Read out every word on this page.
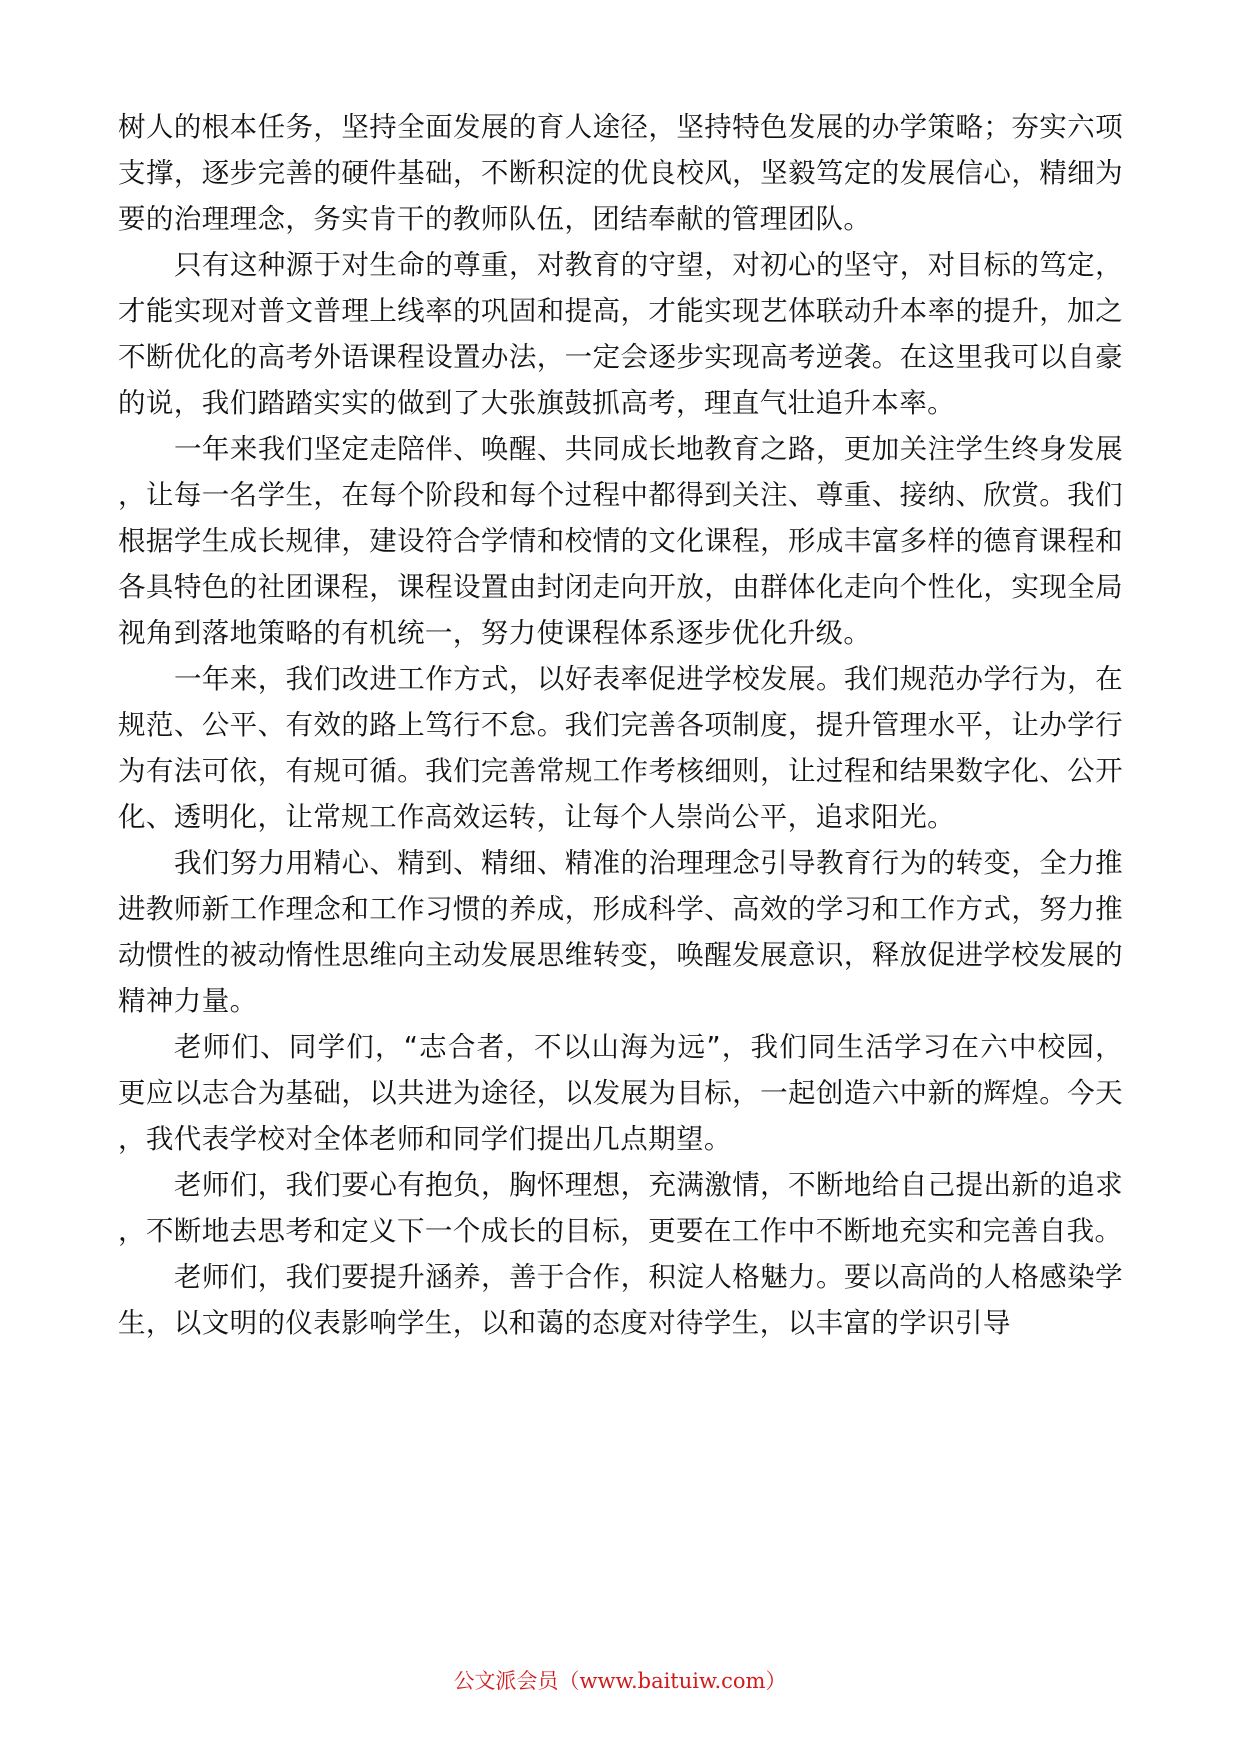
树人的根本任务，坚持全面发展的育人途径，坚持特色发展的办学策略；夯实六项支撑，逐步完善的硬件基础，不断积淀的优良校风，坚毅笃定的发展信心，精细为要的治理理念，务实肯干的教师队伍，团结奉献的管理团队。

只有这种源于对生命的尊重，对教育的守望，对初心的坚守，对目标的笃定，才能实现对普文普理上线率的巩固和提高，才能实现艺体联动升本率的提升，加之不断优化的高考外语课程设置办法，一定会逐步实现高考逆袭。在这里我可以自豪的说，我们踏踏实实的做到了大张旗鼓抓高考，理直气壮追升本率。

一年来我们坚定走陪伴、唤醒、共同成长地教育之路，更加关注学生终身发展，让每一名学生，在每个阶段和每个过程中都得到关注、尊重、接纳、欣赏。我们根据学生成长规律，建设符合学情和校情的文化课程，形成丰富多样的德育课程和各具特色的社团课程，课程设置由封闭走向开放，由群体化走向个性化，实现全局视角到落地策略的有机统一，努力使课程体系逐步优化升级。

一年来，我们改进工作方式，以好表率促进学校发展。我们规范办学行为，在规范、公平、有效的路上笃行不怠。我们完善各项制度，提升管理水平，让办学行为有法可依，有规可循。我们完善常规工作考核细则，让过程和结果数字化、公开化、透明化，让常规工作高效运转，让每个人崇尚公平，追求阳光。

我们努力用精心、精到、精细、精准的治理理念引导教育行为的转变，全力推进教师新工作理念和工作习惯的养成，形成科学、高效的学习和工作方式，努力推动惯性的被动惰性思维向主动发展思维转变，唤醒发展意识，释放促进学校发展的精神力量。

老师们、同学们，“志合者，不以山海为远”，我们同生活学习在六中校园，更应以志合为基础，以共进为途径，以发展为目标，一起创造六中新的辉煌。今天，我代表学校对全体老师和同学们提出几点期望。

老师们，我们要心有抱负，胸怀理想，充满激情，不断地给自己提出新的追求，不断地去思考和定义下一个成长的目标，更要在工作中不断地充实和完善自我。

老师们，我们要提升涵养，善于合作，积淀人格魅力。要以高尚的人格感染学生，以文明的仪表影响学生，以和蔼的态度对待学生，以丰富的学识引导

公文派会员（www.baituiw.com）
